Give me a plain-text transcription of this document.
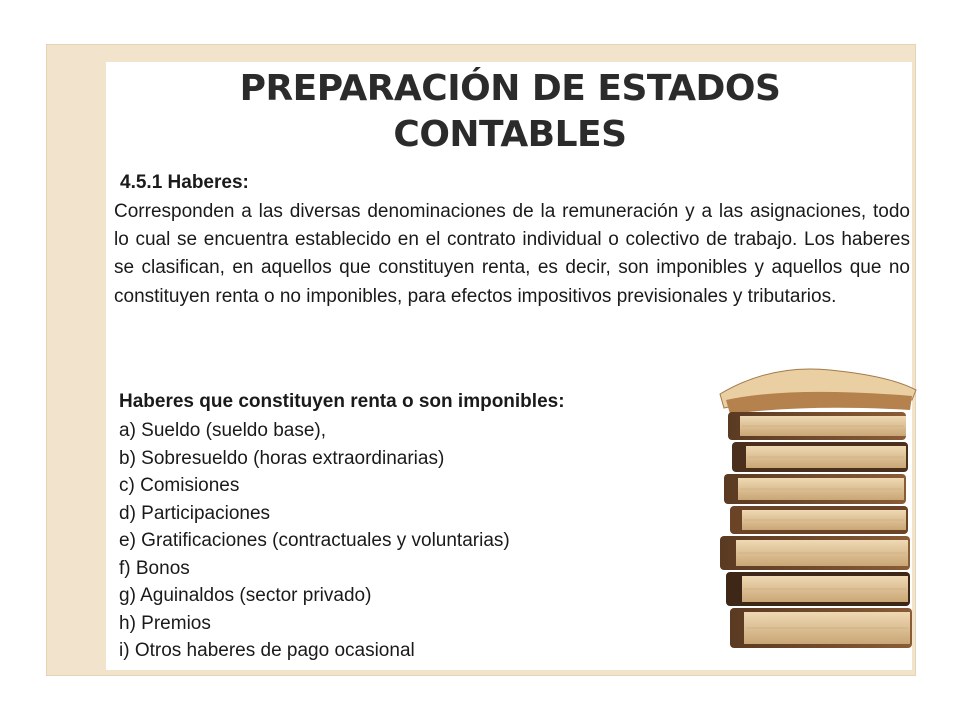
PREPARACIÓN DE ESTADOS
CONTABLES

4.5.1 Haberes:

Corresponden a las diversas denominaciones de la remuneración y a las asignaciones, todo lo cual se encuentra establecido en el contrato individual o colectivo de trabajo. Los haberes se clasifican, en aquellos que constituyen renta, es decir, son imponibles y aquellos que no constituyen renta o no imponibles, para efectos impositivos previsionales y tributarios.

Haberes que constituyen renta o son imponibles:

a) Sueldo (sueldo base),
b) Sobresueldo (horas extraordinarias)
c) Comisiones
d) Participaciones
e) Gratificaciones (contractuales y voluntarias)
f) Bonos
g) Aguinaldos (sector privado)
h) Premios
i) Otros haberes de pago ocasional
